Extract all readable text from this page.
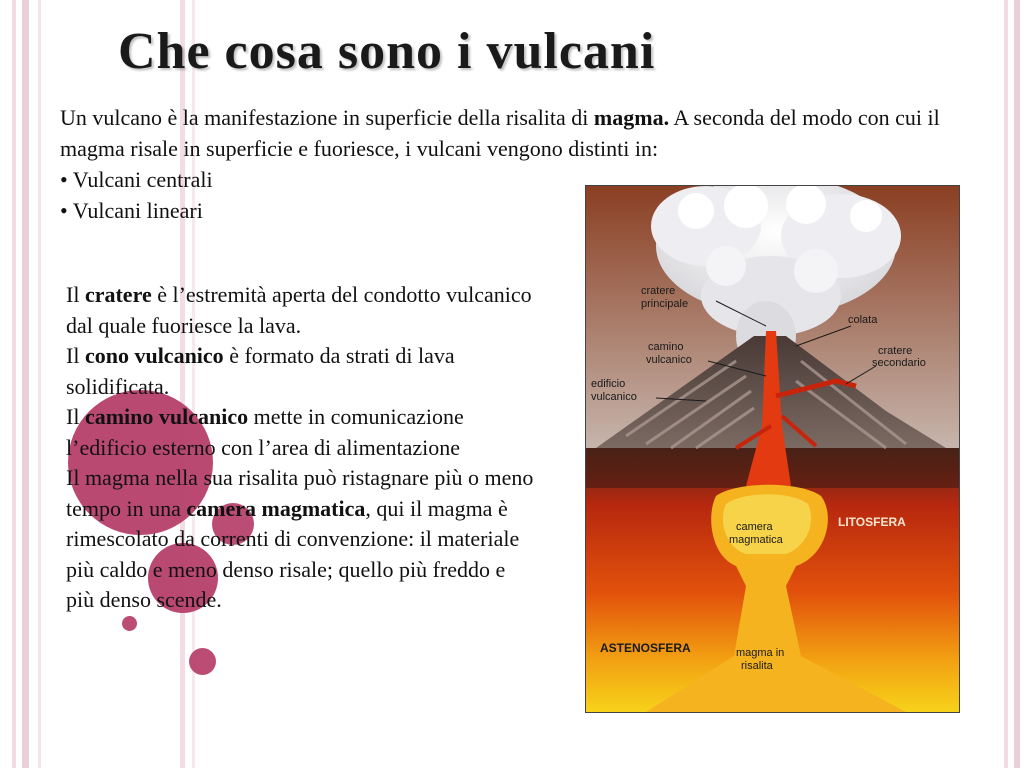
Che cosa sono i vulcani

Un vulcano è la manifestazione in superficie della risalita di magma. A seconda del modo con cui il magma risale in superficie e fuoriesce, i vulcani vengono distinti in:

• Vulcani centrali
• Vulcani lineari

Il cratere è l’estremità aperta del condotto vulcanico dal quale fuoriesce la lava.

Il cono vulcanico è formato da strati di lava solidificata.

Il camino vulcanico mette in comunicazione l’edificio esterno con l’area di alimentazione

Il magma nella sua risalita può ristagnare più o meno tempo in una camera magmatica, qui il magma è rimescolato da correnti di convenzione: il materiale più caldo e meno denso risale; quello più freddo e più denso scende.

cratere
principale
colata
cratere
secondario
camino
vulcanico
edificio
vulcanico
camera
magmatica
LITOSFERA
ASTENOSFERA	magma in
risalita
